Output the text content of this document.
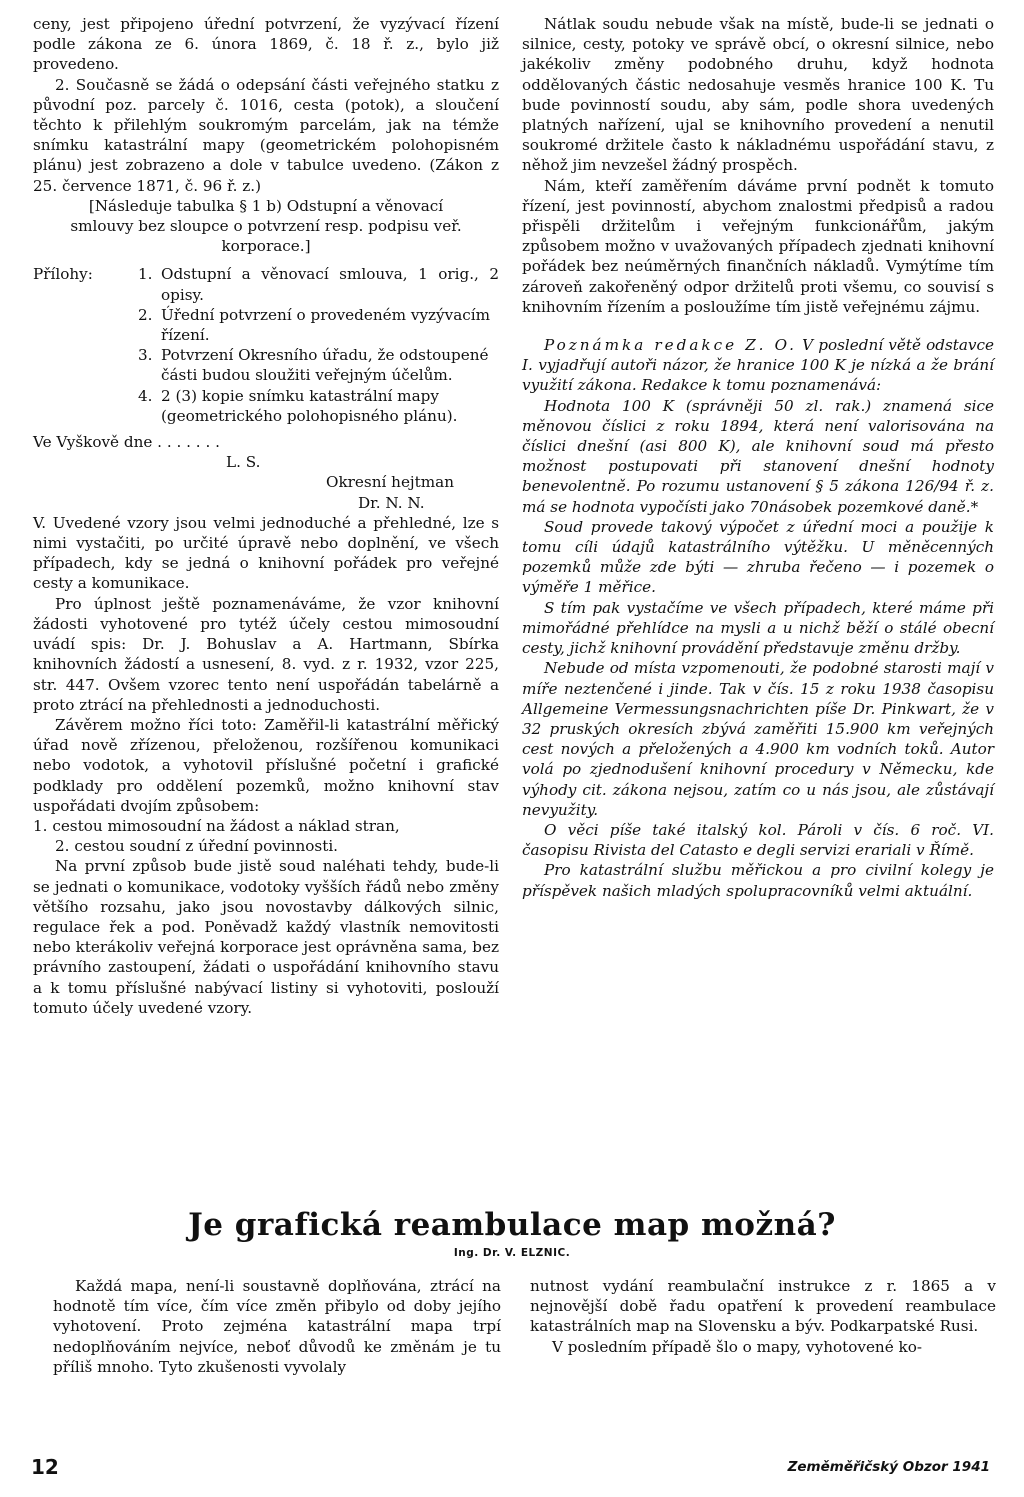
ceny, jest připojeno úřední potvrzení, že vyzývací řízení podle zákona ze 6. února 1869, č. 18 ř. z., bylo již provedeno.

2. Současně se žádá o odepsání části veřejného statku z původní poz. parcely č. 1016, cesta (potok), a sloučení těchto k přilehlým soukromým parcelám, jak na témže snímku katastrální mapy (geometrickém polohopisném plánu) jest zobrazeno a dole v tabulce uvedeno. (Zákon z 25. července 1871, č. 96 ř. z.)

[Následuje tabulka § 1 b) Odstupní a věnovací smlouvy bez sloupce o potvrzení resp. podpisu veř. korporace.]

Přílohy:	1. Odstupní a věnovací smlouva, 1 orig., 2 opisy.
2. Úřední potvrzení o provedeném vyzývacím řízení.
3. Potvrzení Okresního úřadu, že odstoupené části budou sloužiti veřejným účelům.
4. 2 (3) kopie snímku katastrální mapy (geometrického polohopisného plánu).

Ve Vyškově dne . . . . . . .

L. S.

Okresní hejtman

Dr. N. N.

V. Uvedené vzory jsou velmi jednoduché a přehledné, lze s nimi vystačiti, po určité úpravě nebo doplnění, ve všech případech, kdy se jedná o knihovní pořádek pro veřejné cesty a komunikace.

Pro úplnost ještě poznamenáváme, že vzor knihovní žádosti vyhotovené pro tytéž účely cestou mimosoudní uvádí spis: Dr. J. Bohuslav a A. Hartmann, Sbírka knihovních žádostí a usnesení, 8. vyd. z r. 1932, vzor 225, str. 447. Ovšem vzorec tento není uspořádán tabelárně a proto ztrácí na přehlednosti a jednoduchosti.

Závěrem možno říci toto: Zaměřil-li katastrální měřický úřad nově zřízenou, přeloženou, rozšířenou komunikaci nebo vodotok, a vyhotovil příslušné početní i grafické podklady pro oddělení pozemků, možno knihovní stav uspořádati dvojím způsobem:

1. cestou mimosoudní na žádost a náklad stran,

2. cestou soudní z úřední povinnosti.

Na první způsob bude jistě soud naléhati tehdy, bude-li se jednati o komunikace, vodotoky vyšších řádů nebo změny většího rozsahu, jako jsou novostavby dálkových silnic, regulace řek a pod. Poněvadž každý vlastník nemovitosti nebo kterákoliv veřejná korporace jest oprávněna sama, bez právního zastoupení, žádati o uspořádání knihovního stavu a k tomu příslušné nabývací listiny si vyhotoviti, poslouží tomuto účely uvedené vzory.

Nátlak soudu nebude však na místě, bude-li se jednati o silnice, cesty, potoky ve správě obcí, o okresní silnice, nebo jakékoliv změny podobného druhu, když hodnota oddělovaných částic nedosahuje vesměs hranice 100 K. Tu bude povinností soudu, aby sám, podle shora uvedených platných nařízení, ujal se knihovního provedení a nenutil soukromé držitele často k nákladnému uspořádání stavu, z něhož jim nevzešel žádný prospěch.

Nám, kteří zaměřením dáváme první podnět k tomuto řízení, jest povinností, abychom znalostmi předpisů a radou přispěli držitelům i veřejným funkcionářům, jakým způsobem možno v uvažovaných případech zjednati knihovní pořádek bez neúměrných finančních nákladů. Vymýtíme tím zároveň zakořeněný odpor držitelů proti všemu, co souvisí s knihovním řízením a posloužíme tím jistě veřejnému zájmu.

Poznámka redakce Z. O. V poslední větě odstavce I. vyjadřují autoři názor, že hranice 100 K je nízká a že brání využití zákona. Redakce k tomu poznamenává:

Hodnota 100 K (správněji 50 zl. rak.) znamená sice měnovou číslici z roku 1894, která není valorisována na číslici dnešní (asi 800 K), ale knihovní soud má přesto možnost postupovati při stanovení dnešní hodnoty benevolentně. Po rozumu ustanovení § 5 zákona 126/94 ř. z. má se hodnota vypočísti jako 70násobek pozemkové daně.*

Soud provede takový výpočet z úřední moci a použije k tomu cíli údajů katastrálního výtěžku. U měněcenných pozemků může zde býti — zhruba řečeno — i pozemek o výměře 1 měřice.

S tím pak vystačíme ve všech případech, které máme při mimořádné přehlídce na mysli a u nichž běží o stálé obecní cesty, jichž knihovní provádění představuje změnu držby.

Nebude od místa vzpomenouti, že podobné starosti mají v míře neztenčené i jinde. Tak v čís. 15 z roku 1938 časopisu Allgemeine Vermessungsnachrichten píše Dr. Pinkwart, že v 32 pruských okresích zbývá zaměřiti 15.900 km veřejných cest nových a přeložených a 4.900 km vodních toků. Autor volá po zjednodušení knihovní procedury v Německu, kde výhody cit. zákona nejsou, zatím co u nás jsou, ale zůstávají nevyužity.

O věci píše také italský kol. Pároli v čís. 6 roč. VI. časopisu Rivista del Catasto e degli servizi erariali v Římě.

Pro katastrální službu měřickou a pro civilní kolegy je příspěvek našich mladých spolupracovníků velmi aktuální.

Je grafická reambulace map možná?
Ing. Dr. V. ELZNIC.

Každá mapa, není-li soustavně doplňována, ztrácí na hodnotě tím více, čím více změn přibylo od doby jejího vyhotovení. Proto zejména katastrální mapa trpí nedoplňováním nejvíce, neboť důvodů ke změnám je tu příliš mnoho. Tyto zkušenosti vyvolaly

nutnost vydání reambulační instrukce z r. 1865 a v nejnovější době řadu opatření k provedení reambulace katastrálních map na Slovensku a býv. Podkarpatské Rusi.

V posledním případě šlo o mapy, vyhotovené ko-

12	Zeměměřičský Obzor 1941
